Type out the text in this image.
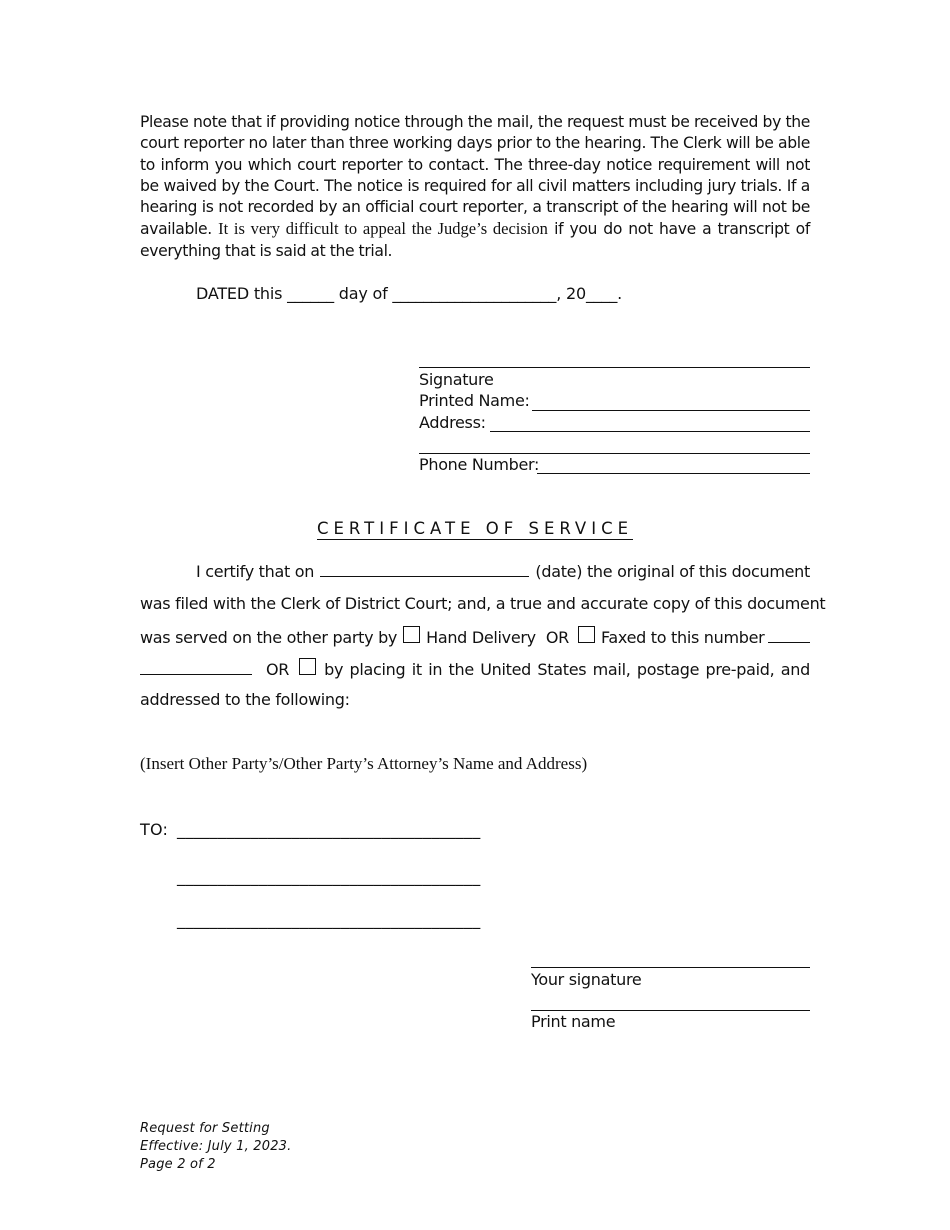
Please note that if providing notice through the mail, the request must be received by the court reporter no later than three working days prior to the hearing. The Clerk will be able to inform you which court reporter to contact. The three-day notice requirement will not be waived by the Court. The notice is required for all civil matters including jury trials. If a hearing is not recorded by an official court reporter, a transcript of the hearing will not be available. It is very difficult to appeal the Judge’s decision if you do not have a transcript of everything that is said at the trial.
DATED this ______ day of _____________________, 20____.
Signature
Printed Name:
Address:
Phone Number:
CERTIFICATE OF SERVICE
I certify that on	(date) the original of this document
was filed with the Clerk of District Court; and, a true and accurate copy of this document
was served on the other party by Hand Delivery OR Faxed to this number
OR by placing it in the United States mail, postage pre-paid, and
addressed to the following:
(Insert Other Party’s/Other Party’s Attorney’s Name and Address)
TO: _____________________________________
_____________________________________
_____________________________________
Your signature
Print name
Request for Setting
Effective: July 1, 2023.
Page 2 of 2
